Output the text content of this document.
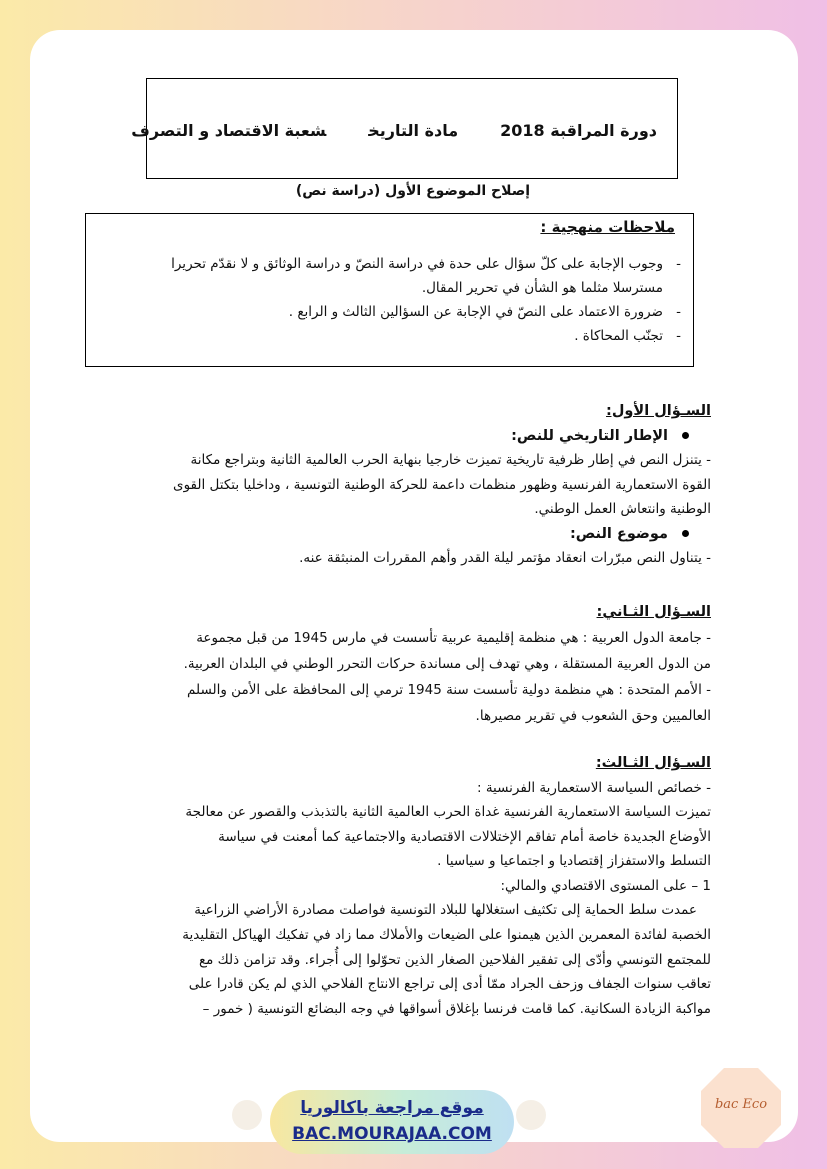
دورة المراقبة 2018مادة التاريخشعبة الاقتصاد و التصرف
إصلاح الموضوع الأول (دراسة نص)
ملاحظات منهجية :
-
وجوب الإجابة على كلّ سؤال على حدة في دراسة النصّ و دراسة الوثائق و لا نقدّم تحريرا
مسترسلا مثلما هو الشأن في تحرير المقال.
-
ضرورة الاعتماد على النصّ في الإجابة عن السؤالين الثالث و الرابع .
-
تجنّب المحاكاة .
السـؤال الأول:
الإطار التاريخي للنص:
- يتنزل النص في إطار ظرفية تاريخية تميزت خارجيا بنهاية الحرب العالمية الثانية وبتراجع مكانة
القوة الاستعمارية الفرنسية وظهور منظمات داعمة للحركة الوطنية التونسية ، وداخليا بتكتل القوى
الوطنية وانتعاش العمل الوطني.
موضوع النص:
- يتناول النص مبرّرات انعقاد مؤتمر ليلة القدر وأهم المقررات المنبثقة عنه.
السـؤال الثـاني:
- جامعة الدول العربية : هي منظمة إقليمية عربية تأسست في مارس 1945 من قبل مجموعة
من الدول العربية المستقلة ، وهي تهدف إلى مساندة حركات التحرر الوطني في البلدان العربية.
- الأمم المتحدة : هي منظمة دولية تأسست سنة 1945 ترمي إلى المحافظة على الأمن والسلم
العالميين وحق الشعوب في تقرير مصيرها.
السـؤال الثـالث:
- خصائص السياسة الاستعمارية الفرنسية :
تميزت السياسة الاستعمارية الفرنسية غداة الحرب العالمية الثانية بالتذبذب والقصور عن معالجة
الأوضاع الجديدة خاصة أمام تفاقم الإختلالات الاقتصادية والاجتماعية كما أمعنت في سياسة
التسلط والاستفزاز إقتصاديا و اجتماعيا و سياسيا .
1 – على المستوى الاقتصادي والمالي:
عمدت سلط الحماية إلى تكثيف استغلالها للبلاد التونسية فواصلت مصادرة الأراضي الزراعية
الخصبة لفائدة المعمرين الذين هيمنوا على الضيعات والأملاك مما زاد في تفكيك الهياكل التقليدية
للمجتمع التونسي وأدّى إلى تفقير الفلاحين الصغار الذين تحوّلوا إلى أُجراء. وقد تزامن ذلك مع
تعاقب سنوات الجفاف وزحف الجراد ممّا أدى إلى تراجع الانتاج الفلاحي الذي لم يكن قادرا على
مواكبة الزيادة السكانية. كما قامت فرنسا بإغلاق أسواقها في وجه البضائع التونسية ( خمور –
موقع مراجعة باكالوريا
BAC.MOURAJAA.COM
bac Eco
